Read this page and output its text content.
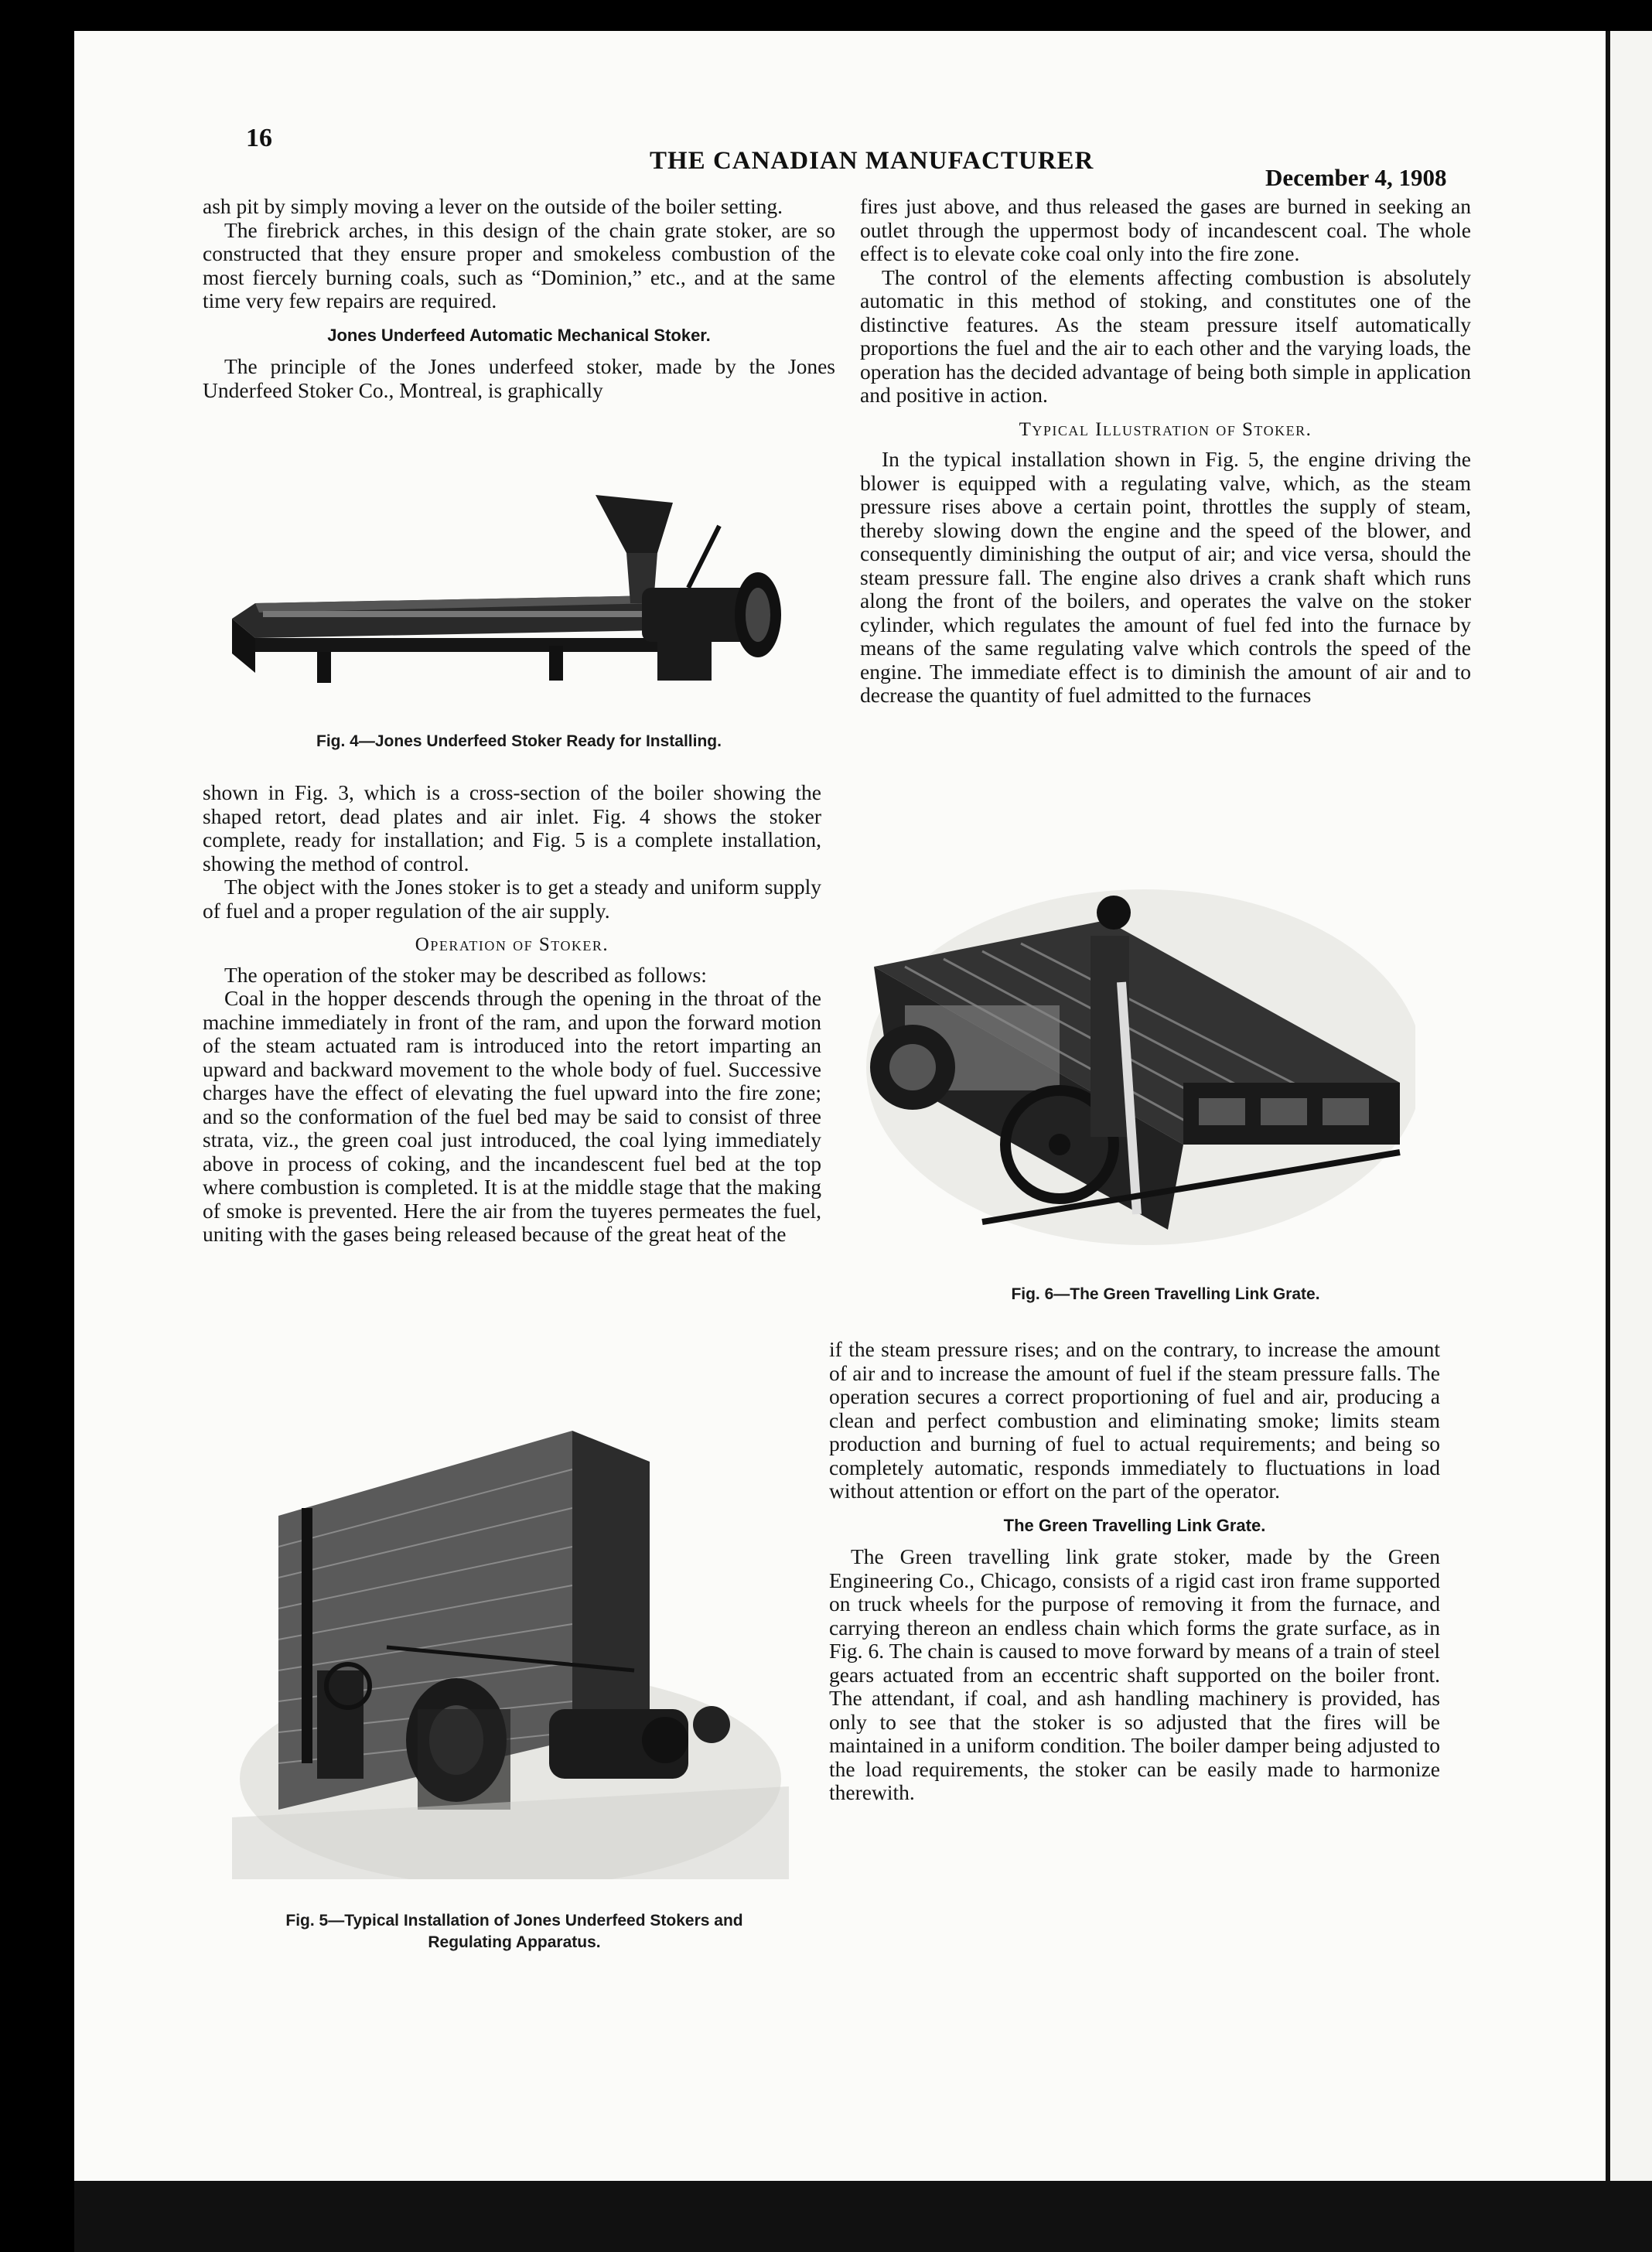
16
THE CANADIAN MANUFACTURER
December 4, 1908

ash pit by simply moving a lever on the outside of the boiler setting.

The firebrick arches, in this design of the chain grate stoker, are so constructed that they ensure proper and smokeless combustion of the most fiercely burning coals, such as “Dominion,” etc., and at the same time very few repairs are required.

Jones Underfeed Automatic Mechanical Stoker.

The principle of the Jones underfeed stoker, made by the Jones Underfeed Stoker Co., Montreal, is graphically

Fig. 4—Jones Underfeed Stoker Ready for Installing.

shown in Fig. 3, which is a cross-section of the boiler showing the shaped retort, dead plates and air inlet. Fig. 4 shows the stoker complete, ready for installation; and Fig. 5 is a complete installation, showing the method of control.

The object with the Jones stoker is to get a steady and uniform supply of fuel and a proper regulation of the air supply.

Operation of Stoker.

The operation of the stoker may be described as follows:

Coal in the hopper descends through the opening in the throat of the machine immediately in front of the ram, and upon the forward motion of the steam actuated ram is introduced into the retort imparting an upward and backward movement to the whole body of fuel. Successive charges have the effect of elevating the fuel upward into the fire zone; and so the conformation of the fuel bed may be said to consist of three strata, viz., the green coal just introduced, the coal lying immediately above in process of coking, and the incandescent fuel bed at the top where combustion is completed. It is at the middle stage that the making of smoke is prevented. Here the air from the tuyeres permeates the fuel, uniting with the gases being released because of the great heat of the

Fig. 5—Typical Installation of Jones Underfeed Stokers and
Regulating Apparatus.

fires just above, and thus released the gases are burned in seeking an outlet through the uppermost body of incandescent coal. The whole effect is to elevate coke coal only into the fire zone.

The control of the elements affecting combustion is absolutely automatic in this method of stoking, and constitutes one of the distinctive features. As the steam pressure itself automatically proportions the fuel and the air to each other and the varying loads, the operation has the decided advantage of being both simple in application and positive in action.

Typical Illustration of Stoker.

In the typical installation shown in Fig. 5, the engine driving the blower is equipped with a regulating valve, which, as the steam pressure rises above a certain point, throttles the supply of steam, thereby slowing down the engine and the speed of the blower, and consequently diminishing the output of air; and vice versa, should the steam pressure fall. The engine also drives a crank shaft which runs along the front of the boilers, and operates the valve on the stoker cylinder, which regulates the amount of fuel fed into the furnace by means of the same regulating valve which controls the speed of the engine. The immediate effect is to diminish the amount of air and to decrease the quantity of fuel admitted to the furnaces

Fig. 6—The Green Travelling Link Grate.

if the steam pressure rises; and on the contrary, to increase the amount of air and to increase the amount of fuel if the steam pressure falls. The operation secures a correct proportioning of fuel and air, producing a clean and perfect combustion and eliminating smoke; limits steam production and burning of fuel to actual requirements; and being so completely automatic, responds immediately to fluctuations in load without attention or effort on the part of the operator.

The Green Travelling Link Grate.

The Green travelling link grate stoker, made by the Green Engineering Co., Chicago, consists of a rigid cast iron frame supported on truck wheels for the purpose of removing it from the furnace, and carrying thereon an endless chain which forms the grate surface, as in Fig. 6. The chain is caused to move forward by means of a train of steel gears actuated from an eccentric shaft supported on the boiler front. The attendant, if coal, and ash handling machinery is provided, has only to see that the stoker is so adjusted that the fires will be maintained in a uniform condition. The boiler damper being adjusted to the load requirements, the stoker can be easily made to harmonize therewith.
